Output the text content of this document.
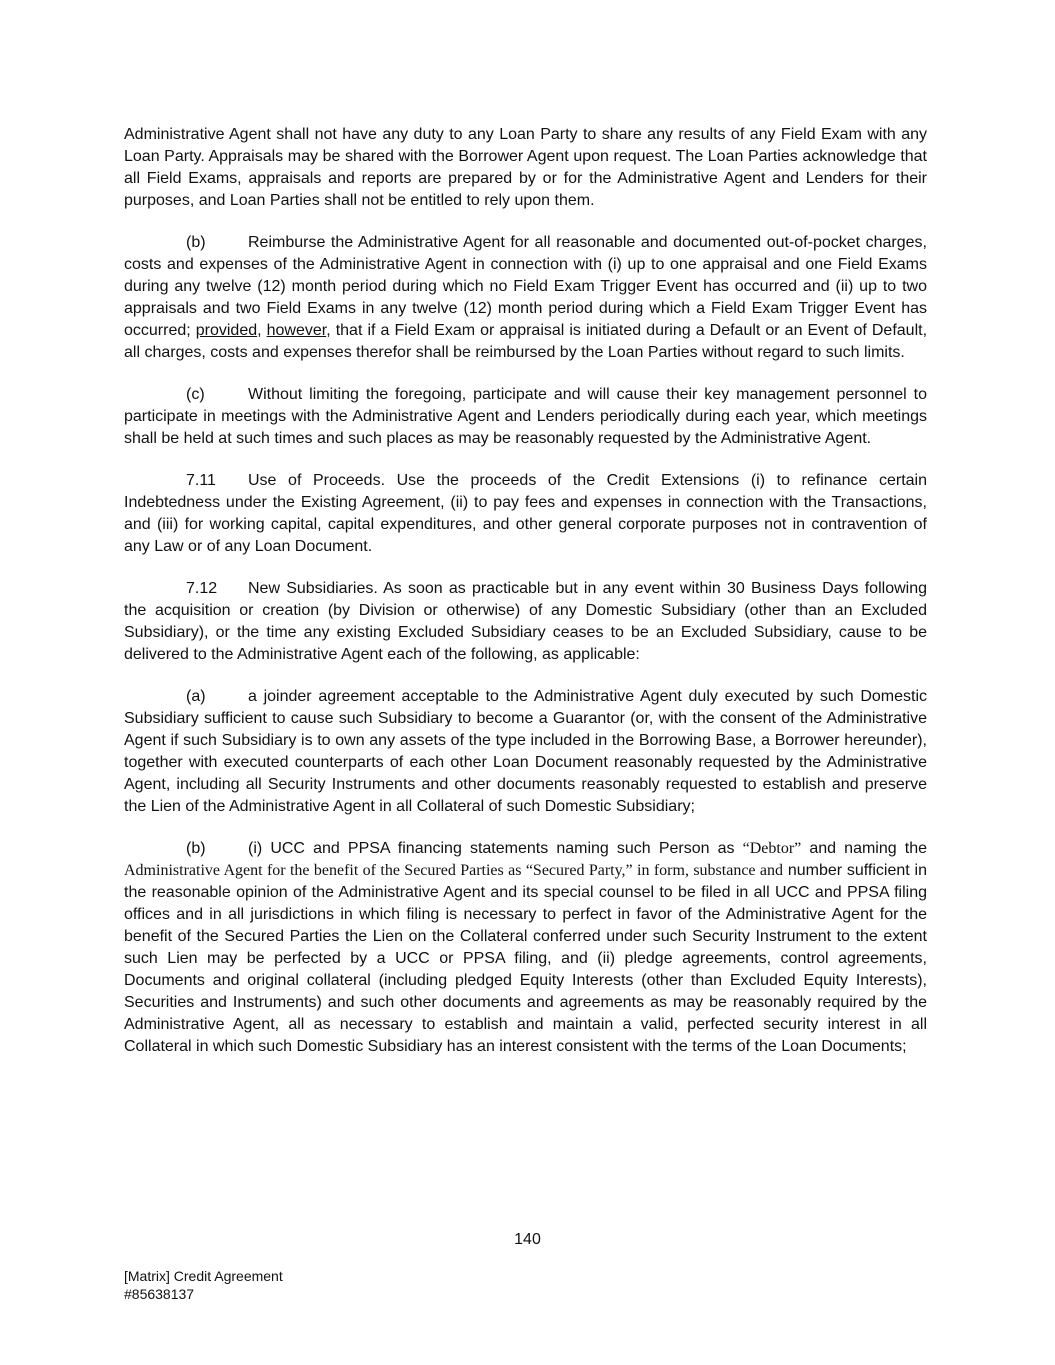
Administrative Agent shall not have any duty to any Loan Party to share any results of any Field Exam with any Loan Party. Appraisals may be shared with the Borrower Agent upon request. The Loan Parties acknowledge that all Field Exams, appraisals and reports are prepared by or for the Administrative Agent and Lenders for their purposes, and Loan Parties shall not be entitled to rely upon them.

(b)	Reimburse the Administrative Agent for all reasonable and documented out-of-pocket charges, costs and expenses of the Administrative Agent in connection with (i) up to one appraisal and one Field Exams during any twelve (12) month period during which no Field Exam Trigger Event has occurred and (ii) up to two appraisals and two Field Exams in any twelve (12) month period during which a Field Exam Trigger Event has occurred; provided, however, that if a Field Exam or appraisal is initiated during a Default or an Event of Default, all charges, costs and expenses therefor shall be reimbursed by the Loan Parties without regard to such limits.

(c)	Without limiting the foregoing, participate and will cause their key management personnel to participate in meetings with the Administrative Agent and Lenders periodically during each year, which meetings shall be held at such times and such places as may be reasonably requested by the Administrative Agent.

7.11 Use of Proceeds. Use the proceeds of the Credit Extensions (i) to refinance certain Indebtedness under the Existing Agreement, (ii) to pay fees and expenses in connection with the Transactions, and (iii) for working capital, capital expenditures, and other general corporate purposes not in contravention of any Law or of any Loan Document.

7.12 New Subsidiaries. As soon as practicable but in any event within 30 Business Days following the acquisition or creation (by Division or otherwise) of any Domestic Subsidiary (other than an Excluded Subsidiary), or the time any existing Excluded Subsidiary ceases to be an Excluded Subsidiary, cause to be delivered to the Administrative Agent each of the following, as applicable:

(a)	a joinder agreement acceptable to the Administrative Agent duly executed by such Domestic Subsidiary sufficient to cause such Subsidiary to become a Guarantor (or, with the consent of the Administrative Agent if such Subsidiary is to own any assets of the type included in the Borrowing Base, a Borrower hereunder), together with executed counterparts of each other Loan Document reasonably requested by the Administrative Agent, including all Security Instruments and other documents reasonably requested to establish and preserve the Lien of the Administrative Agent in all Collateral of such Domestic Subsidiary;

(b)	(i) UCC and PPSA financing statements naming such Person as “Debtor” and naming the Administrative Agent for the benefit of the Secured Parties as “Secured Party,” in form, substance and number sufficient in the reasonable opinion of the Administrative Agent and its special counsel to be filed in all UCC and PPSA filing offices and in all jurisdictions in which filing is necessary to perfect in favor of the Administrative Agent for the benefit of the Secured Parties the Lien on the Collateral conferred under such Security Instrument to the extent such Lien may be perfected by a UCC or PPSA filing, and (ii) pledge agreements, control agreements, Documents and original collateral (including pledged Equity Interests (other than Excluded Equity Interests), Securities and Instruments) and such other documents and agreements as may be reasonably required by the Administrative Agent, all as necessary to establish and maintain a valid, perfected security interest in all Collateral in which such Domestic Subsidiary has an interest consistent with the terms of the Loan Documents;

140
[Matrix] Credit Agreement
#85638137
